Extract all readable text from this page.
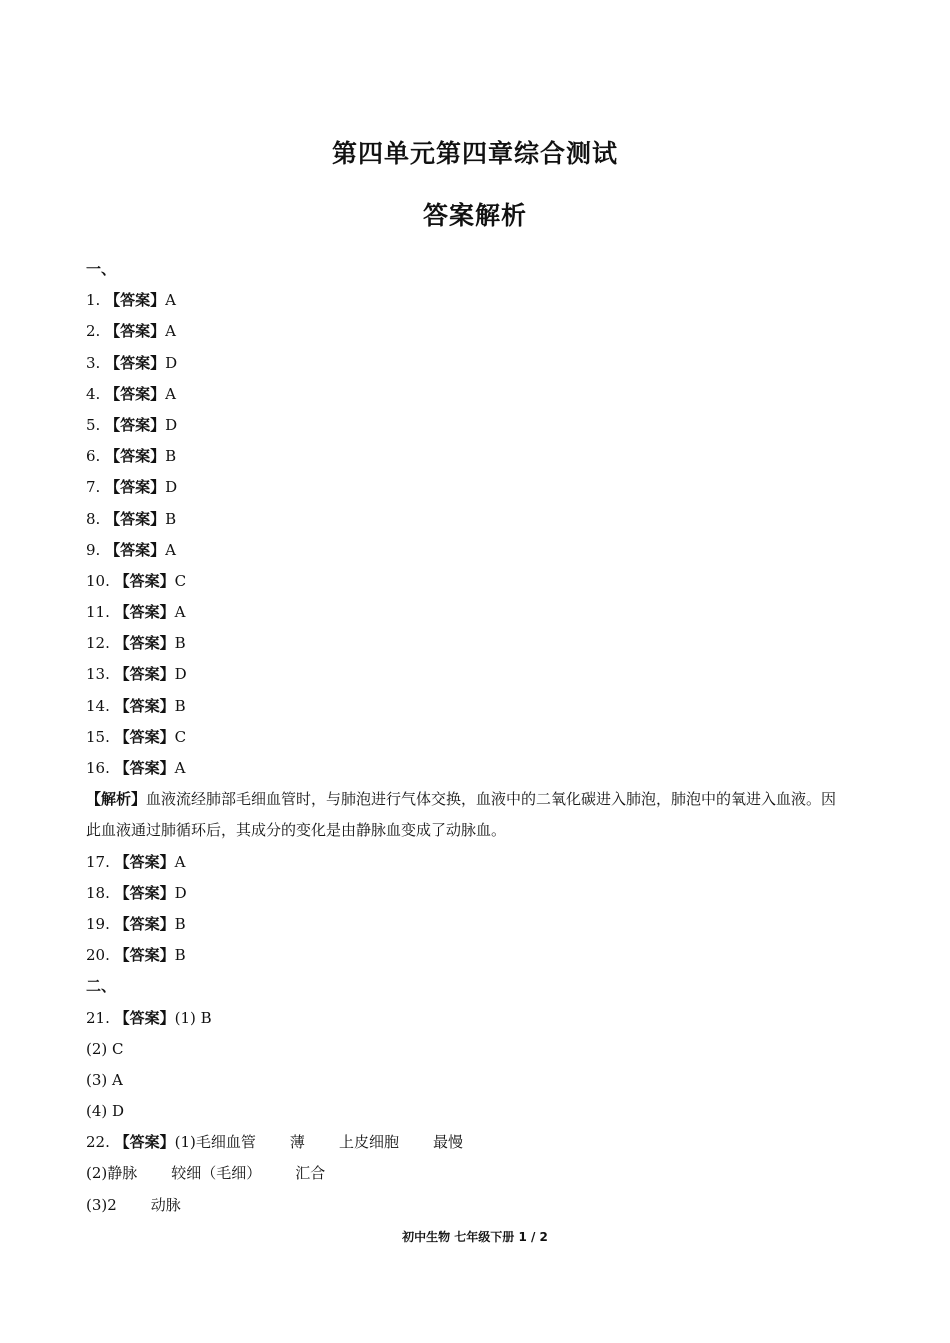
第四单元第四章综合测试
答案解析
一、
1. 【答案】A
2. 【答案】A
3. 【答案】D
4. 【答案】A
5. 【答案】D
6. 【答案】B
7. 【答案】D
8. 【答案】B
9. 【答案】A
10. 【答案】C
11. 【答案】A
12. 【答案】B
13. 【答案】D
14. 【答案】B
15. 【答案】C
16. 【答案】A
【解析】血液流经肺部毛细血管时，与肺泡进行气体交换，血液中的二氧化碳进入肺泡，肺泡中的氧进入血液。因此血液通过肺循环后，其成分的变化是由静脉血变成了动脉血。
17. 【答案】A
18. 【答案】D
19. 【答案】B
20. 【答案】B
二、
21. 【答案】(1) B
(2) C
(3) A
(4) D
22. 【答案】(1)毛细血管 薄 上皮细胞 最慢
(2)静脉 较细（毛细） 汇合
(3)2 动脉
初中生物 七年级下册 1 / 2
